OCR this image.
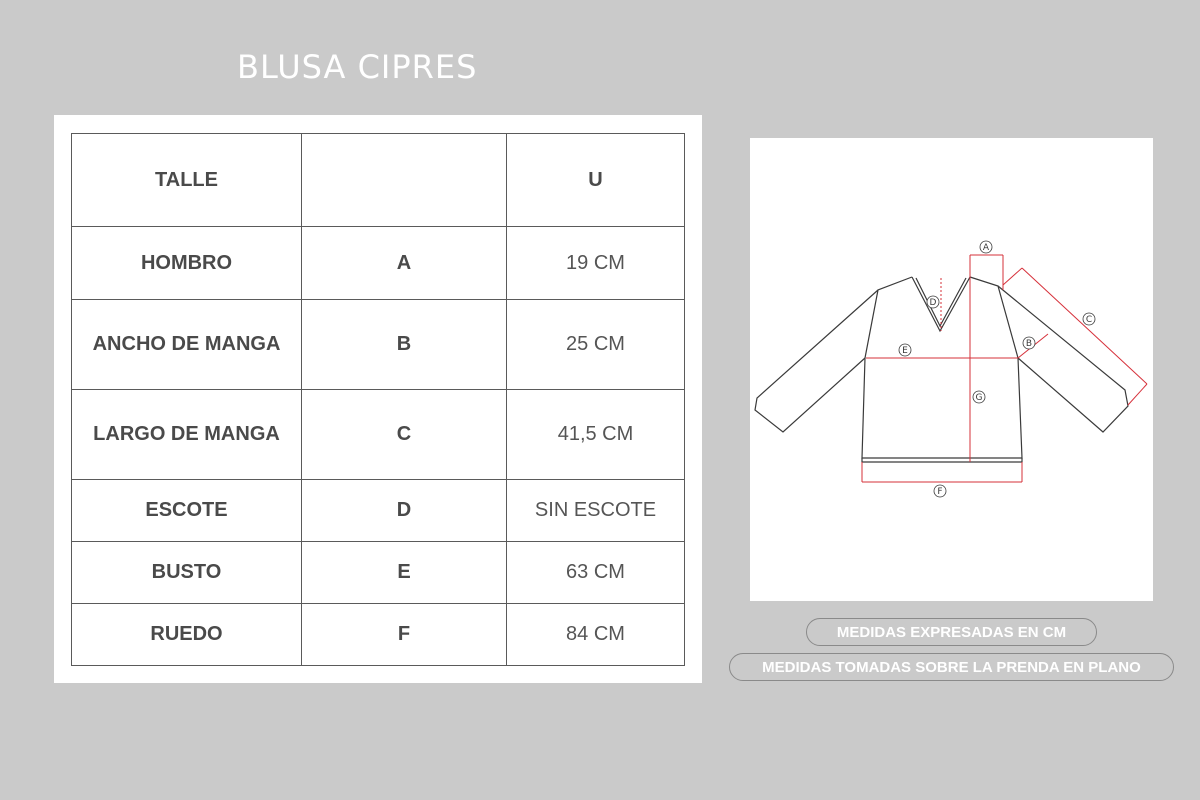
BLUSA CIPRES
TALLE		U
HOMBRO	A	19 CM
ANCHO DE MANGA	B	25 CM
LARGO DE MANGA	C	41,5 CM
ESCOTE	D	SIN ESCOTE
BUSTO	E	63 CM
RUEDO	F	84 CM
A
B
C
D
E
F
G
MEDIDAS EXPRESADAS EN CM
MEDIDAS TOMADAS SOBRE LA PRENDA EN PLANO
